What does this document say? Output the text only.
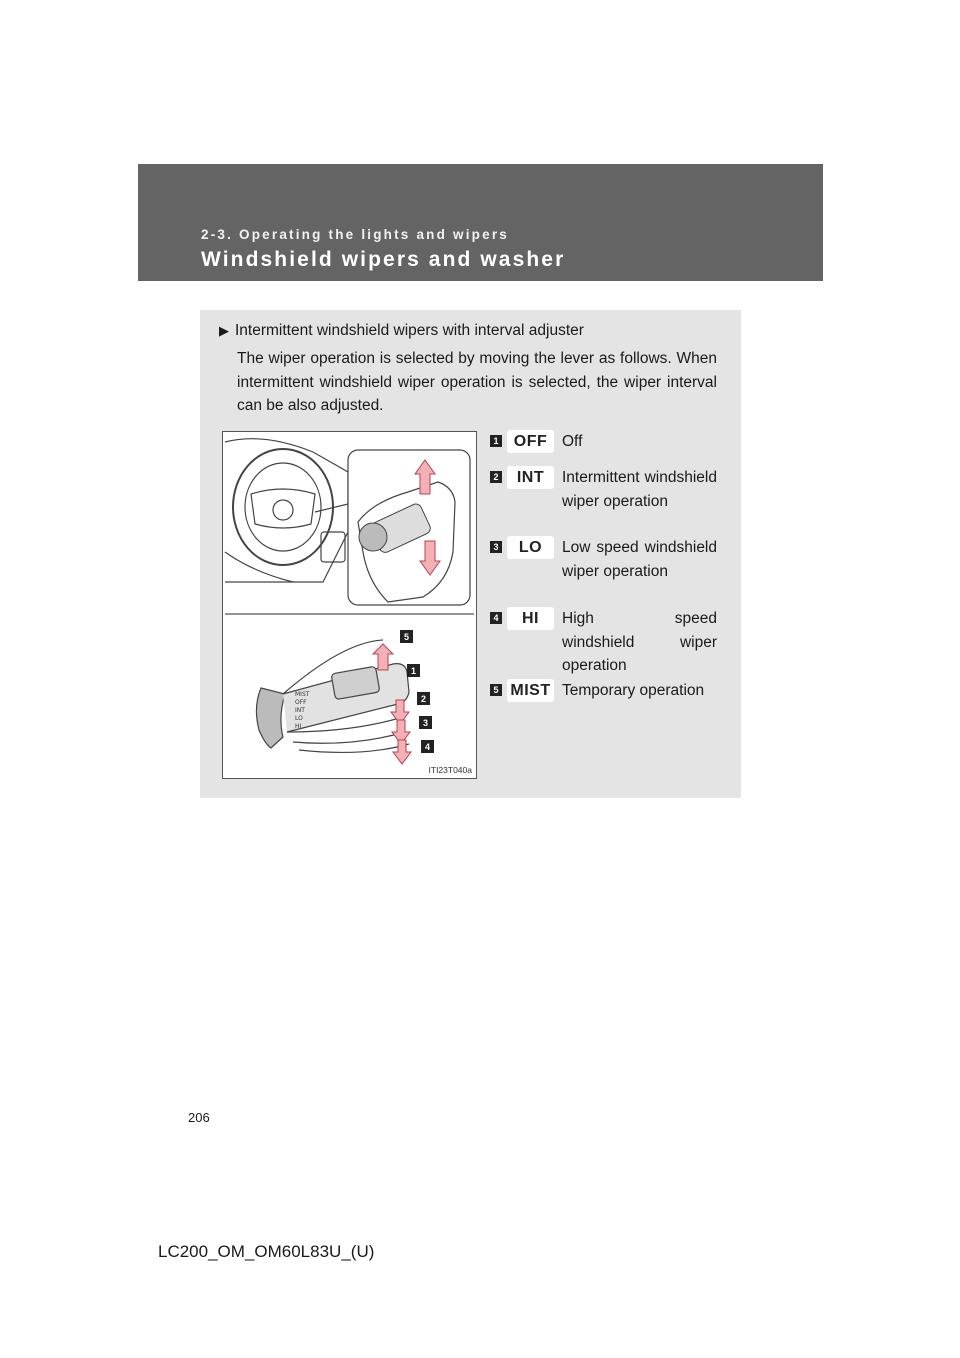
2-3. Operating the lights and wipers
Windshield wipers and washer
▶ Intermittent windshield wipers with interval adjuster
The wiper operation is selected by moving the lever as follows. When intermittent windshield wiper operation is selected, the wiper interval can be also adjusted.
MIST
OFF
INT
LO
HI
5
1
2
3
4
ITI23T040a
1 OFF Off
2	INT	Intermittent windshield wiper operation
3	LO	Low speed windshield wiper operation
4	HI	High speed windshield wiper operation
5 MIST Temporary operation
206
LC200_OM_OM60L83U_(U)
